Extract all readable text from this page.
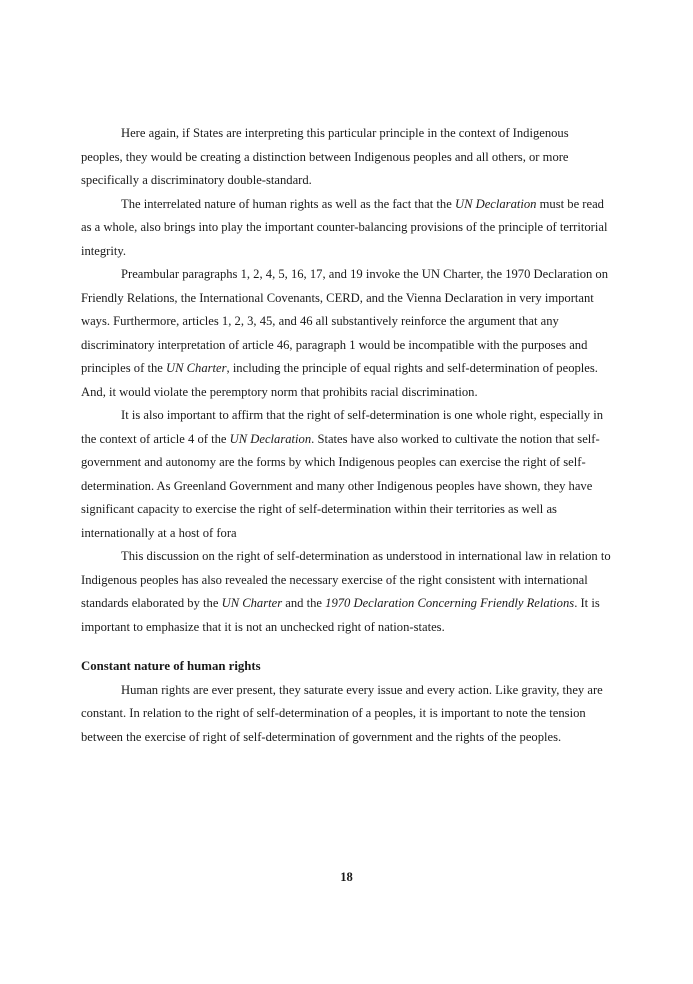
Here again, if States are interpreting this particular principle in the context of Indigenous peoples, they would be creating a distinction between Indigenous peoples and all others, or more specifically a discriminatory double-standard.

The interrelated nature of human rights as well as the fact that the UN Declaration must be read as a whole, also brings into play the important counter-balancing provisions of the principle of territorial integrity.

Preambular paragraphs 1, 2, 4, 5, 16, 17, and 19 invoke the UN Charter, the 1970 Declaration on Friendly Relations, the International Covenants, CERD, and the Vienna Declaration in very important ways. Furthermore, articles 1, 2, 3, 45, and 46 all substantively reinforce the argument that any discriminatory interpretation of article 46, paragraph 1 would be incompatible with the purposes and principles of the UN Charter, including the principle of equal rights and self-determination of peoples. And, it would violate the peremptory norm that prohibits racial discrimination.

It is also important to affirm that the right of self-determination is one whole right, especially in the context of article 4 of the UN Declaration. States have also worked to cultivate the notion that self-government and autonomy are the forms by which Indigenous peoples can exercise the right of self-determination. As Greenland Government and many other Indigenous peoples have shown, they have significant capacity to exercise the right of self-determination within their territories as well as internationally at a host of fora

This discussion on the right of self-determination as understood in international law in relation to Indigenous peoples has also revealed the necessary exercise of the right consistent with international standards elaborated by the UN Charter and the 1970 Declaration Concerning Friendly Relations. It is important to emphasize that it is not an unchecked right of nation-states.

Constant nature of human rights

Human rights are ever present, they saturate every issue and every action. Like gravity, they are constant. In relation to the right of self-determination of a peoples, it is important to note the tension between the exercise of right of self-determination of government and the rights of the peoples.

18
